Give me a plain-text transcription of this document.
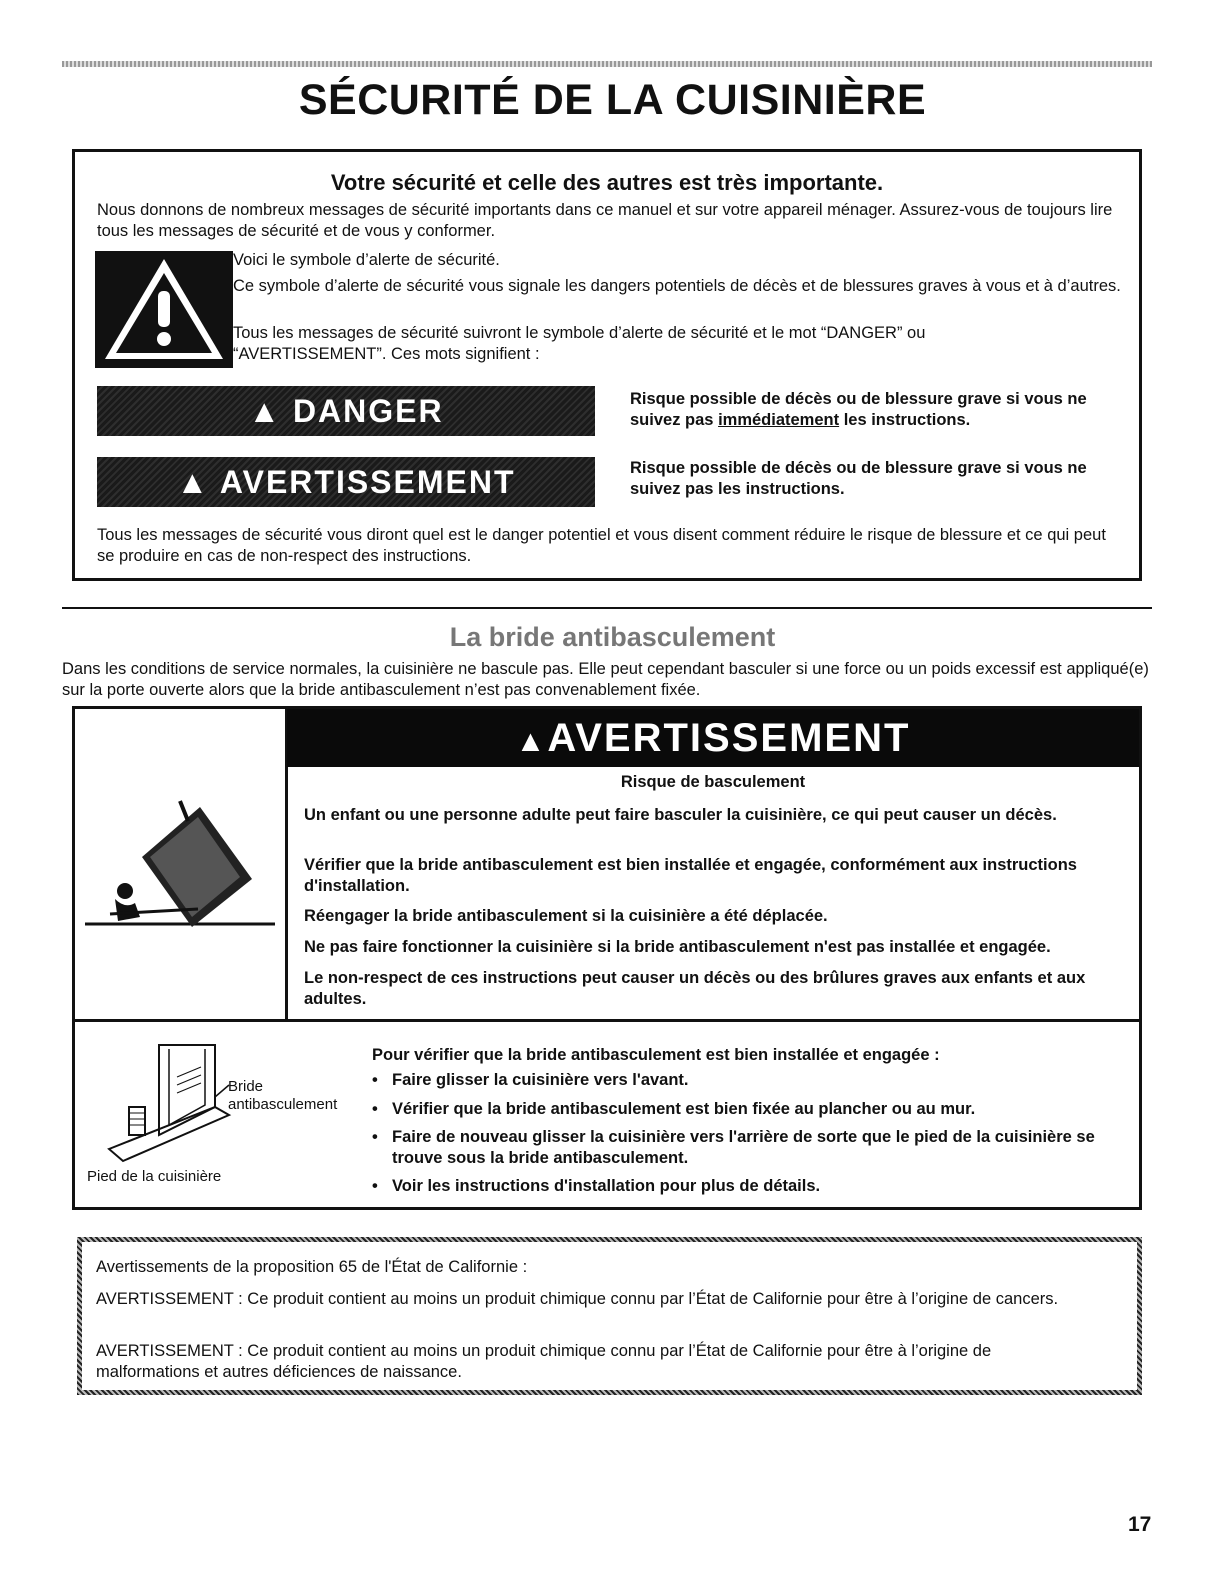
SÉCURITÉ DE LA CUISINIÈRE
Votre sécurité et celle des autres est très importante.
Nous donnons de nombreux messages de sécurité importants dans ce manuel et sur votre appareil ménager. Assurez-vous de toujours lire tous les messages de sécurité et de vous y conformer.
Voici le symbole d’alerte de sécurité.
Ce symbole d’alerte de sécurité vous signale les dangers potentiels de décès et de blessures graves à vous et à d’autres.
Tous les messages de sécurité suivront le symbole d’alerte de sécurité et le mot “DANGER” ou “AVERTISSEMENT”. Ces mots signifient :
▲ DANGER	Risque possible de décès ou de blessure grave si vous ne suivez pas immédiatement les instructions.
▲ AVERTISSEMENT	Risque possible de décès ou de blessure grave si vous ne suivez pas les instructions.
Tous les messages de sécurité vous diront quel est le danger potentiel et vous disent comment réduire le risque de blessure et ce qui peut se produire en cas de non-respect des instructions.
La bride antibasculement
Dans les conditions de service normales, la cuisinière ne bascule pas. Elle peut cependant basculer si une force ou un poids excessif est appliqué(e) sur la porte ouverte alors que la bride antibasculement n’est pas convenablement fixée.
▲AVERTISSEMENT
Risque de basculement
Un enfant ou une personne adulte peut faire basculer la cuisinière, ce qui peut causer un décès.
Vérifier que la bride antibasculement est bien installée et engagée, conformément aux instructions d'installation.
Réengager la bride antibasculement si la cuisinière a été déplacée.
Ne pas faire fonctionner la cuisinière si la bride antibasculement n'est pas installée et engagée.
Le non-respect de ces instructions peut causer un décès ou des brûlures graves aux enfants et aux adultes.
Bride antibasculement
Pied de la cuisinière
Pour vérifier que la bride antibasculement est bien installée et engagée :
• Faire glisser la cuisinière vers l'avant.
• Vérifier que la bride antibasculement est bien fixée au plancher ou au mur.
• Faire de nouveau glisser la cuisinière vers l'arrière de sorte que le pied de la cuisinière se trouve sous la bride antibasculement.
• Voir les instructions d'installation pour plus de détails.
Avertissements de la proposition 65 de l'État de Californie :
AVERTISSEMENT : Ce produit contient au moins un produit chimique connu par l’État de Californie pour être à l’origine de cancers.
AVERTISSEMENT : Ce produit contient au moins un produit chimique connu par l’État de Californie pour être à l’origine de malformations et autres déficiences de naissance.
17
